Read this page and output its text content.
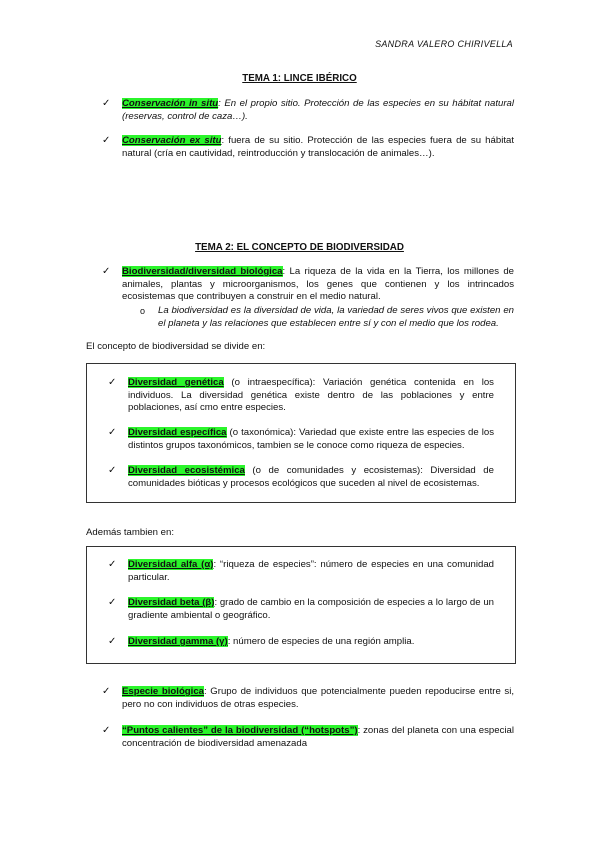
SANDRA VALERO CHIRIVELLA
TEMA 1: LINCE IBÉRICO
✓	Conservación in situ: En el propio sitio. Protección de las especies en su hábitat natural (reservas, control de caza…).
✓	Conservación ex situ: fuera de su sitio. Protección de las especies fuera de su hábitat natural (cría en cautividad, reintroducción y translocación de animales…).
TEMA 2: EL CONCEPTO DE BIODIVERSIDAD
✓	Biodiversidad/diversidad biológica: La riqueza de la vida en la Tierra, los millones de animales, plantas y microorganismos, los genes que contienen y los intrincados ecosistemas que contribuyen a construir en el medio natural.
o	La biodiversidad es la diversidad de vida, la variedad de seres vivos que existen en el planeta y las relaciones que establecen entre sí y con el medio que los rodea.
El concepto de biodiversidad se divide en:
✓	Diversidad genética (o intraespecífica): Variación genética contenida en los individuos. La diversidad genética existe dentro de las poblaciones y entre poblaciones, así cmo entre especies.
✓	Diversidad específica (o taxonómica): Variedad que existe entre las especies de los distintos grupos taxonómicos, tambien se le conoce como riqueza de especies.
✓	Diversidad ecosistémica (o de comunidades y ecosistemas): Diversidad de comunidades bióticas y procesos ecológicos que suceden al nivel de ecosistemas.
Además tambien en:
✓	Diversidad alfa (α): “riqueza de especies”: número de especies en una comunidad particular.
✓	Diversidad beta (β): grado de cambio en la composición de especies a lo largo de un gradiente ambiental o geográfico.
✓	Diversidad gamma (γ): número de especies de una región amplia.
✓	Especie biológica: Grupo de individuos que potencialmente pueden repoducirse entre si, pero no con individuos de otras especies.
✓	“Puntos calientes” de la biodiversidad (“hotspots”): zonas del planeta con una especial concentración de biodiversidad amenazada
